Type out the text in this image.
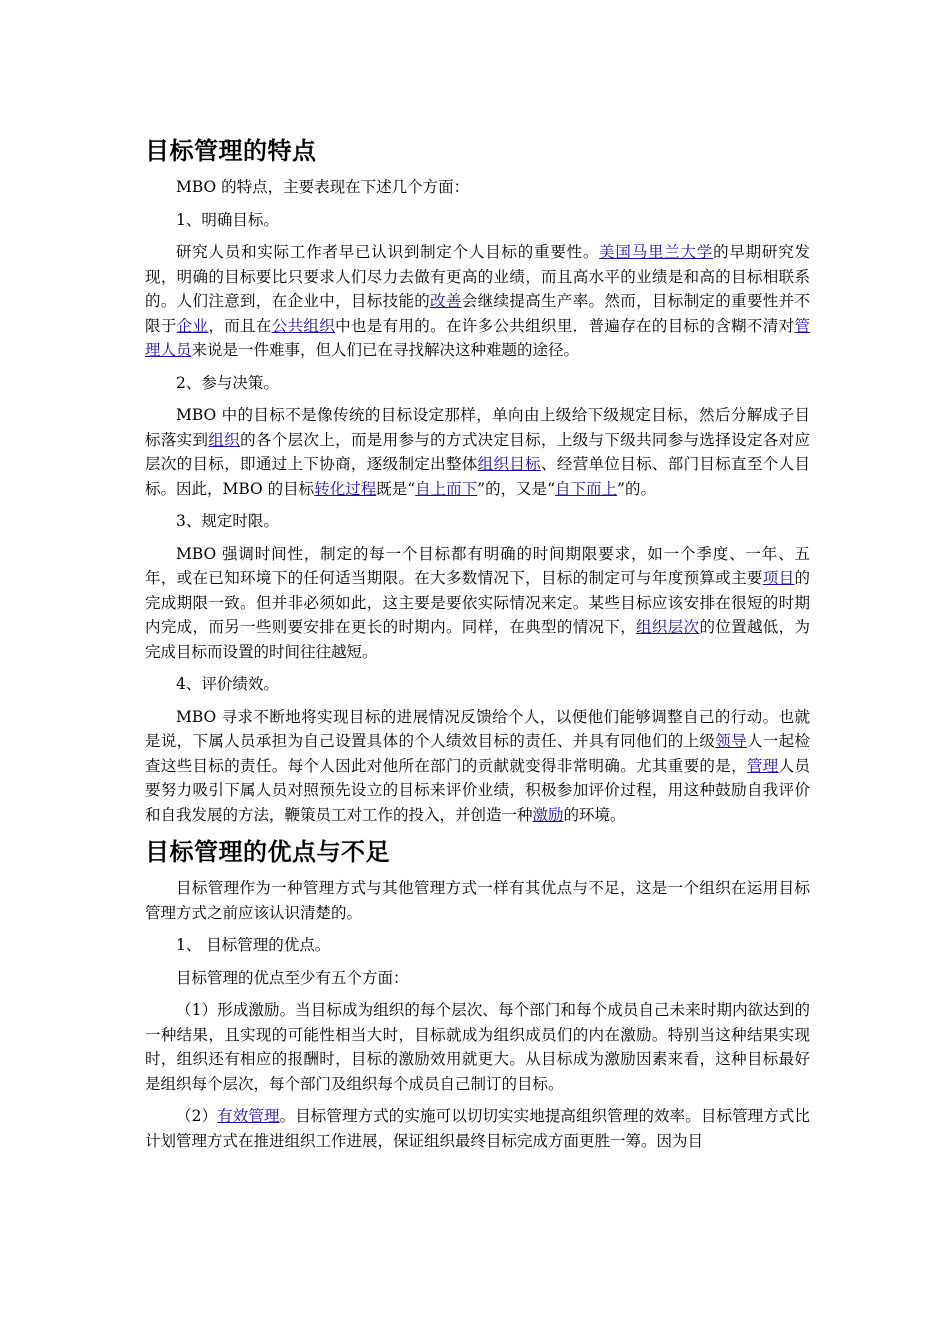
目标管理的特点

MBO 的特点，主要表现在下述几个方面：

1、明确目标。

研究人员和实际工作者早已认识到制定个人目标的重要性。美国马里兰大学的早期研究发现，明确的目标要比只要求人们尽力去做有更高的业绩，而且高水平的业绩是和高的目标相联系的。人们注意到，在企业中，目标技能的改善会继续提高生产率。然而，目标制定的重要性并不限于企业，而且在公共组织中也是有用的。在许多公共组织里．普遍存在的目标的含糊不清对管理人员来说是一件难事，但人们已在寻找解决这种难题的途径。

2、参与决策。

MBO 中的目标不是像传统的目标设定那样，单向由上级给下级规定目标，然后分解成子目标落实到组织的各个层次上，而是用参与的方式决定目标，上级与下级共同参与选择设定各对应层次的目标，即通过上下协商，逐级制定出整体组织目标、经营单位目标、部门目标直至个人目标。因此，MBO 的目标转化过程既是“自上而下”的，又是“自下而上”的。

3、规定时限。

MBO 强调时间性，制定的每一个目标都有明确的时间期限要求，如一个季度、一年、五年，或在已知环境下的任何适当期限。在大多数情况下，目标的制定可与年度预算或主要项目的完成期限一致。但并非必须如此，这主要是要依实际情况来定。某些目标应该安排在很短的时期内完成，而另一些则要安排在更长的时期内。同样，在典型的情况下，组织层次的位置越低，为完成目标而设置的时间往往越短。

4、评价绩效。

MBO 寻求不断地将实现目标的进展情况反馈给个人，以便他们能够调整自己的行动。也就是说，下属人员承担为自己设置具体的个人绩效目标的责任、并具有同他们的上级领导人一起检查这些目标的责任。每个人因此对他所在部门的贡献就变得非常明确。尤其重要的是，管理人员要努力吸引下属人员对照预先设立的目标来评价业绩，积极参加评价过程，用这种鼓励自我评价和自我发展的方法，鞭策员工对工作的投入，并创造一种激励的环境。

目标管理的优点与不足

目标管理作为一种管理方式与其他管理方式一样有其优点与不足，这是一个组织在运用目标管理方式之前应该认识清楚的。

1、 目标管理的优点。

目标管理的优点至少有五个方面：

（1）形成激励。当目标成为组织的每个层次、每个部门和每个成员自己未来时期内欲达到的一种结果，且实现的可能性相当大时，目标就成为组织成员们的内在激励。特别当这种结果实现时，组织还有相应的报酬时，目标的激励效用就更大。从目标成为激励因素来看，这种目标最好是组织每个层次，每个部门及组织每个成员自己制订的目标。

（2）有效管理。目标管理方式的实施可以切切实实地提高组织管理的效率。目标管理方式比计划管理方式在推进组织工作进展，保证组织最终目标完成方面更胜一筹。因为目
